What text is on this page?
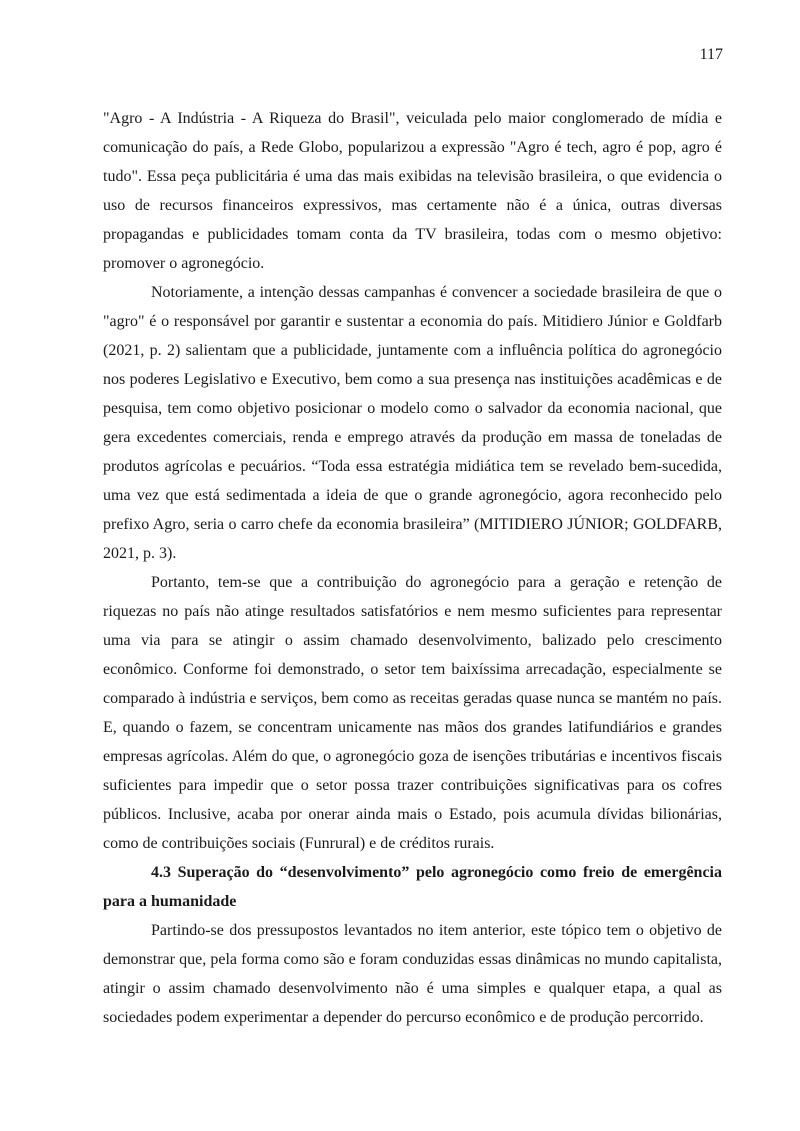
117

"Agro - A Indústria - A Riqueza do Brasil", veiculada pelo maior conglomerado de mídia e comunicação do país, a Rede Globo, popularizou a expressão "Agro é tech, agro é pop, agro é tudo". Essa peça publicitária é uma das mais exibidas na televisão brasileira, o que evidencia o uso de recursos financeiros expressivos, mas certamente não é a única, outras diversas propagandas e publicidades tomam conta da TV brasileira, todas com o mesmo objetivo: promover o agronegócio.

Notoriamente, a intenção dessas campanhas é convencer a sociedade brasileira de que o "agro" é o responsável por garantir e sustentar a economia do país. Mitidiero Júnior e Goldfarb (2021, p. 2) salientam que a publicidade, juntamente com a influência política do agronegócio nos poderes Legislativo e Executivo, bem como a sua presença nas instituições acadêmicas e de pesquisa, tem como objetivo posicionar o modelo como o salvador da economia nacional, que gera excedentes comerciais, renda e emprego através da produção em massa de toneladas de produtos agrícolas e pecuários. “Toda essa estratégia midiática tem se revelado bem-sucedida, uma vez que está sedimentada a ideia de que o grande agronegócio, agora reconhecido pelo prefixo Agro, seria o carro chefe da economia brasileira” (MITIDIERO JÚNIOR; GOLDFARB, 2021, p. 3).

Portanto, tem-se que a contribuição do agronegócio para a geração e retenção de riquezas no país não atinge resultados satisfatórios e nem mesmo suficientes para representar uma via para se atingir o assim chamado desenvolvimento, balizado pelo crescimento econômico. Conforme foi demonstrado, o setor tem baixíssima arrecadação, especialmente se comparado à indústria e serviços, bem como as receitas geradas quase nunca se mantém no país. E, quando o fazem, se concentram unicamente nas mãos dos grandes latifundiários e grandes empresas agrícolas. Além do que, o agronegócio goza de isenções tributárias e incentivos fiscais suficientes para impedir que o setor possa trazer contribuições significativas para os cofres públicos. Inclusive, acaba por onerar ainda mais o Estado, pois acumula dívidas bilionárias, como de contribuições sociais (Funrural) e de créditos rurais.

4.3 Superação do “desenvolvimento” pelo agronegócio como freio de emergência para a humanidade

Partindo-se dos pressupostos levantados no item anterior, este tópico tem o objetivo de demonstrar que, pela forma como são e foram conduzidas essas dinâmicas no mundo capitalista, atingir o assim chamado desenvolvimento não é uma simples e qualquer etapa, a qual as sociedades podem experimentar a depender do percurso econômico e de produção percorrido.
